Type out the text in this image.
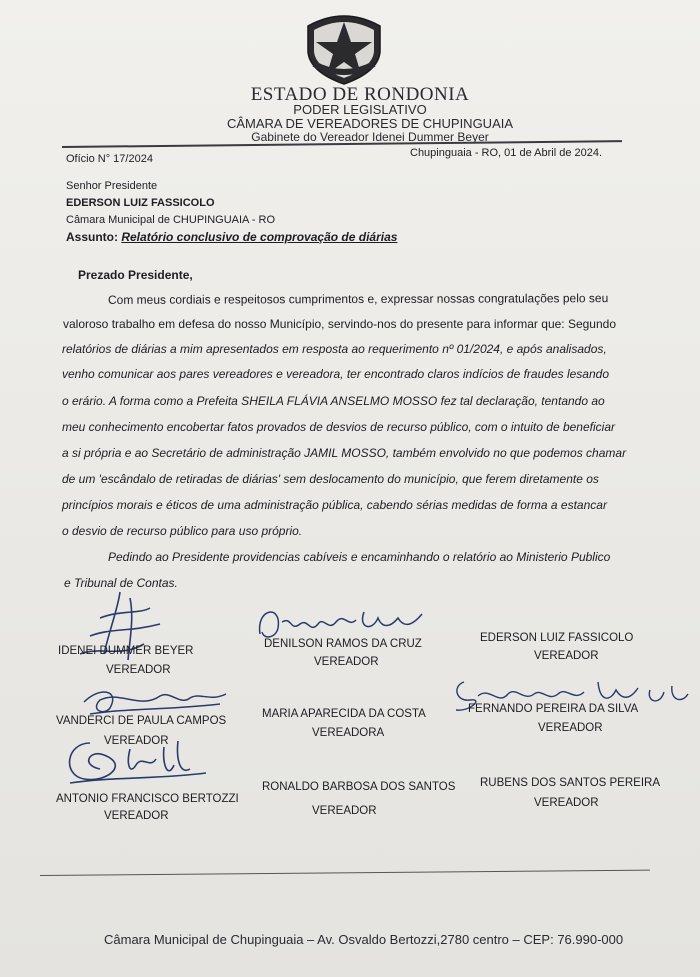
ESTADO DE RONDONIA
PODER LEGISLATIVO
CÂMARA DE VEREADORES DE CHUPINGUAIA
Gabinete do Vereador Idenei Dummer Beyer
Ofício N° 17/2024	Chupinguaia - RO, 01 de Abril de 2024.
Senhor Presidente
EDERSON LUIZ FASSICOLO
Câmara Municipal de CHUPINGUAIA - RO
Assunto: Relatório conclusivo de comprovação de diárias
Prezado Presidente,
Com meus cordiais e respeitosos cumprimentos e, expressar nossas congratulações pelo seu
valoroso trabalho em defesa do nosso Município, servindo-nos do presente para informar que: Segundo
relatórios de diárias a mim apresentados em resposta ao requerimento nº 01/2024, e após analisados,
venho comunicar aos pares vereadores e vereadora, ter encontrado claros indícios de fraudes lesando
o erário. A forma como a Prefeita SHEILA FLÁVIA ANSELMO MOSSO fez tal declaração, tentando ao
meu conhecimento encobertar fatos provados de desvios de recurso público, com o intuito de beneficiar
a si própria e ao Secretário de administração JAMIL MOSSO, também envolvido no que podemos chamar
de um 'escândalo de retiradas de diárias' sem deslocamento do município, que ferem diretamente os
princípios morais e éticos de uma administração pública, cabendo sérias medidas de forma a estancar
o desvio de recurso público para uso próprio.
Pedindo ao Presidente providencias cabíveis e encaminhando o relatório ao Ministerio Publico
e Tribunal de Contas.
IDENEI DUMMER BEYER
VEREADOR
DENILSON RAMOS DA CRUZ
VEREADOR
EDERSON LUIZ FASSICOLO
VEREADOR
VANDERCI DE PAULA CAMPOS
VEREADOR
MARIA APARECIDA DA COSTA
VEREADORA
FERNANDO PEREIRA DA SILVA
VEREADOR
ANTONIO FRANCISCO BERTOZZI
VEREADOR
RONALDO BARBOSA DOS SANTOS
VEREADOR
RUBENS DOS SANTOS PEREIRA
VEREADOR
Câmara Municipal de Chupinguaia – Av. Osvaldo Bertozzi,2780 centro – CEP: 76.990-000
